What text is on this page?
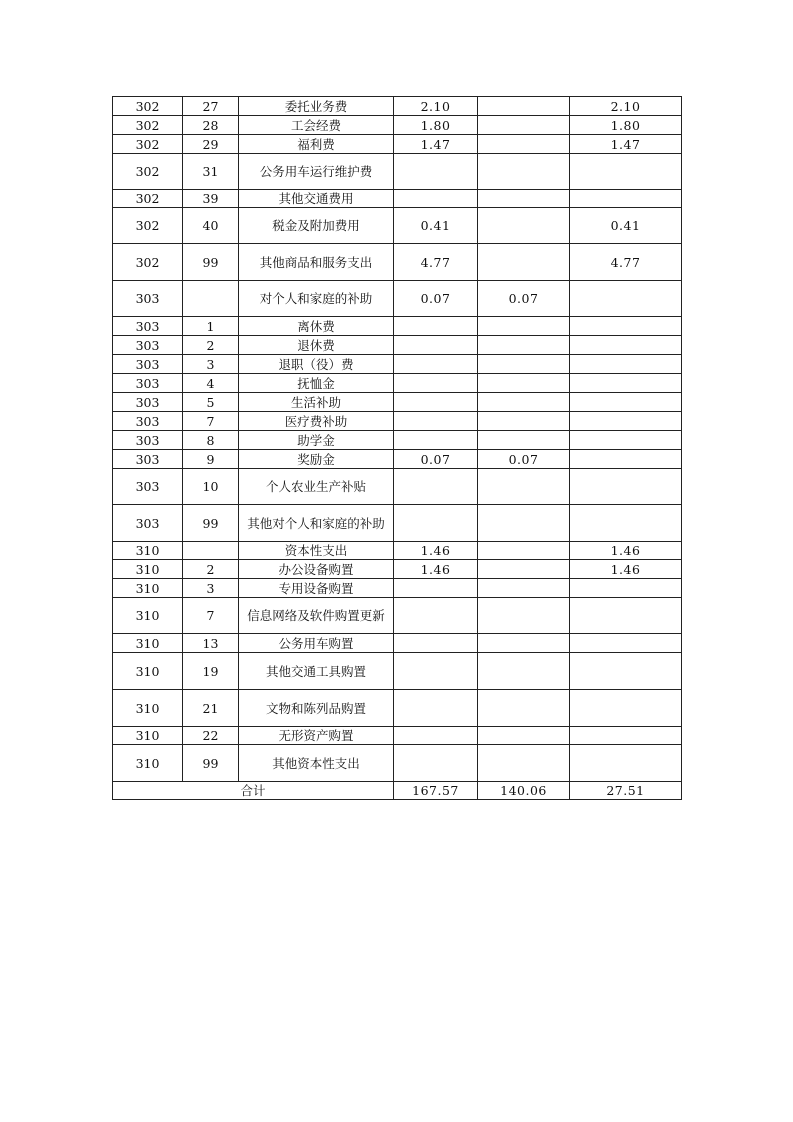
302	27	委托业务费	2.10		2.10
302	28	工会经费	1.80		1.80
302	29	福利费	1.47		1.47
302	31	公务用车运行维护费			
302	39	其他交通费用			
302	40	税金及附加费用	0.41		0.41
302	99	其他商品和服务支出	4.77		4.77
303		对个人和家庭的补助	0.07	0.07	
303	1	离休费			
303	2	退休费			
303	3	退职（役）费			
303	4	抚恤金			
303	5	生活补助			
303	7	医疗费补助			
303	8	助学金			
303	9	奖励金	0.07	0.07	
303	10	个人农业生产补贴			
303	99	其他对个人和家庭的补助			
310		资本性支出	1.46		1.46
310	2	办公设备购置	1.46		1.46
310	3	专用设备购置			
310	7	信息网络及软件购置更新			
310	13	公务用车购置			
310	19	其他交通工具购置			
310	21	文物和陈列品购置			
310	22	无形资产购置			
310	99	其他资本性支出			
合计			167.57	140.06	27.51
